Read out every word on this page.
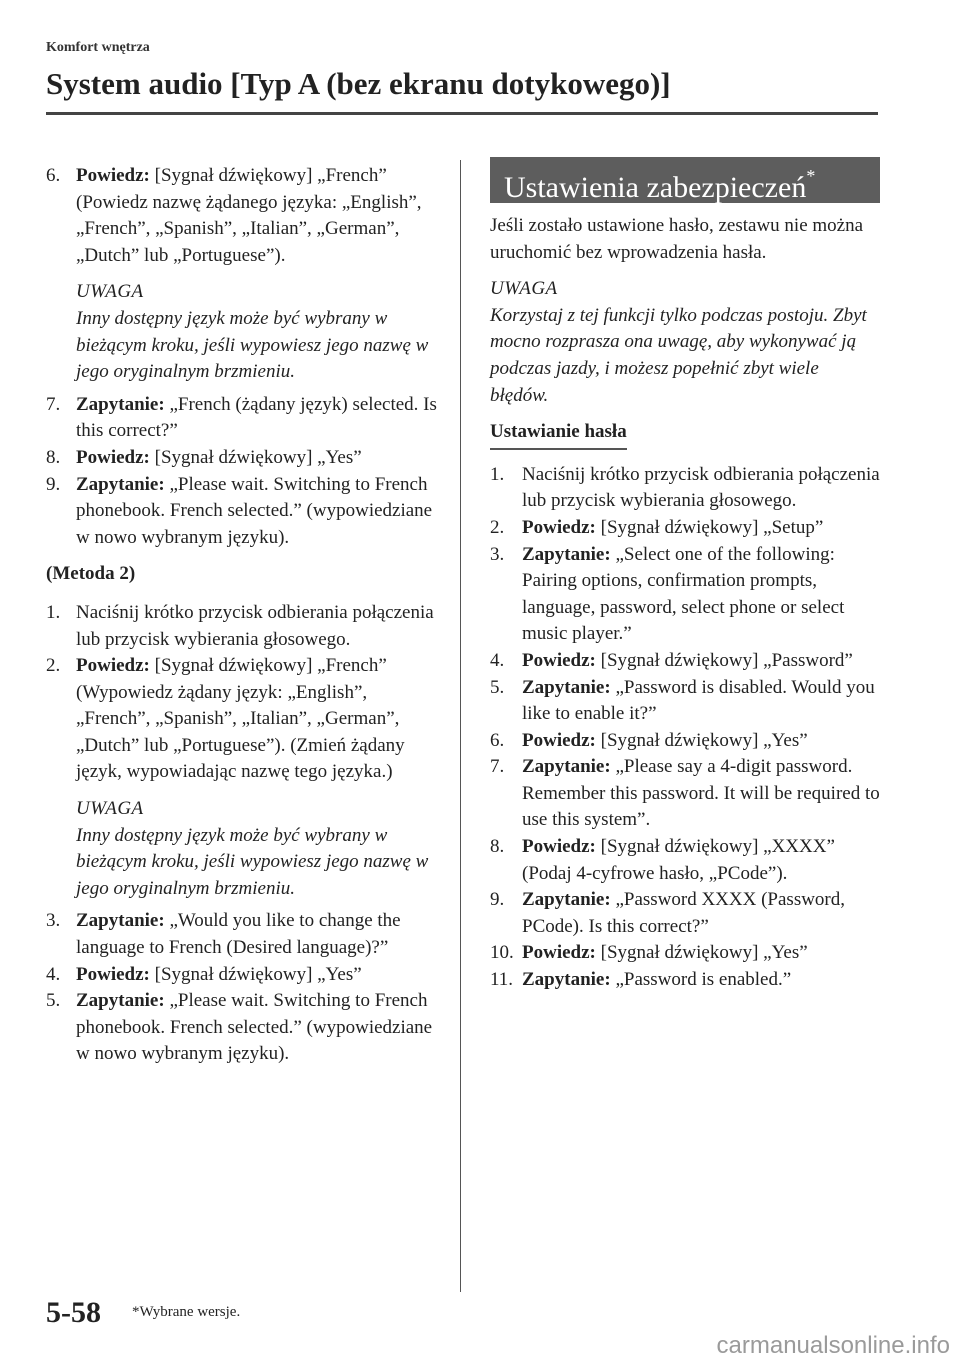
Komfort wnętrza
System audio [Typ A (bez ekranu dotykowego)]
6. Powiedz: [Sygnał dźwiękowy] „French” (Powiedz nazwę żądanego języka: „English”, „French”, „Spanish”, „Italian”, „German”, „Dutch” lub „Portuguese”).
UWAGA
Inny dostępny język może być wybrany w bieżącym kroku, jeśli wypowiesz jego nazwę w jego oryginalnym brzmieniu.
7. Zapytanie: „French (żądany język) selected. Is this correct?”
8. Powiedz: [Sygnał dźwiękowy] „Yes”
9. Zapytanie: „Please wait. Switching to French phonebook. French selected.” (wypowiedziane w nowo wybranym języku).
(Metoda 2)
1. Naciśnij krótko przycisk odbierania połączenia lub przycisk wybierania głosowego.
2. Powiedz: [Sygnał dźwiękowy] „French” (Wypowiedz żądany język: „English”, „French”, „Spanish”, „Italian”, „German”, „Dutch” lub „Portuguese”). (Zmień żądany język, wypowiadając nazwę tego języka.)
UWAGA
Inny dostępny język może być wybrany w bieżącym kroku, jeśli wypowiesz jego nazwę w jego oryginalnym brzmieniu.
3. Zapytanie: „Would you like to change the language to French (Desired language)?”
4. Powiedz: [Sygnał dźwiękowy] „Yes”
5. Zapytanie: „Please wait. Switching to French phonebook. French selected.” (wypowiedziane w nowo wybranym języku).
Ustawienia zabezpieczeń*
Jeśli zostało ustawione hasło, zestawu nie można uruchomić bez wprowadzenia hasła.
UWAGA
Korzystaj z tej funkcji tylko podczas postoju. Zbyt mocno rozprasza ona uwagę, aby wykonywać ją podczas jazdy, i możesz popełnić zbyt wiele błędów.
Ustawianie hasła
1. Naciśnij krótko przycisk odbierania połączenia lub przycisk wybierania głosowego.
2. Powiedz: [Sygnał dźwiękowy] „Setup”
3. Zapytanie: „Select one of the following: Pairing options, confirmation prompts, language, password, select phone or select music player.”
4. Powiedz: [Sygnał dźwiękowy] „Password”
5. Zapytanie: „Password is disabled. Would you like to enable it?”
6. Powiedz: [Sygnał dźwiękowy] „Yes”
7. Zapytanie: „Please say a 4-digit password. Remember this password. It will be required to use this system”.
8. Powiedz: [Sygnał dźwiękowy] „XXXX” (Podaj 4-cyfrowe hasło, „PCode”).
9. Zapytanie: „Password XXXX (Password, PCode). Is this correct?”
10. Powiedz: [Sygnał dźwiękowy] „Yes”
11. Zapytanie: „Password is enabled.”
5-58 *Wybrane wersje.
carmanualsonline.info
